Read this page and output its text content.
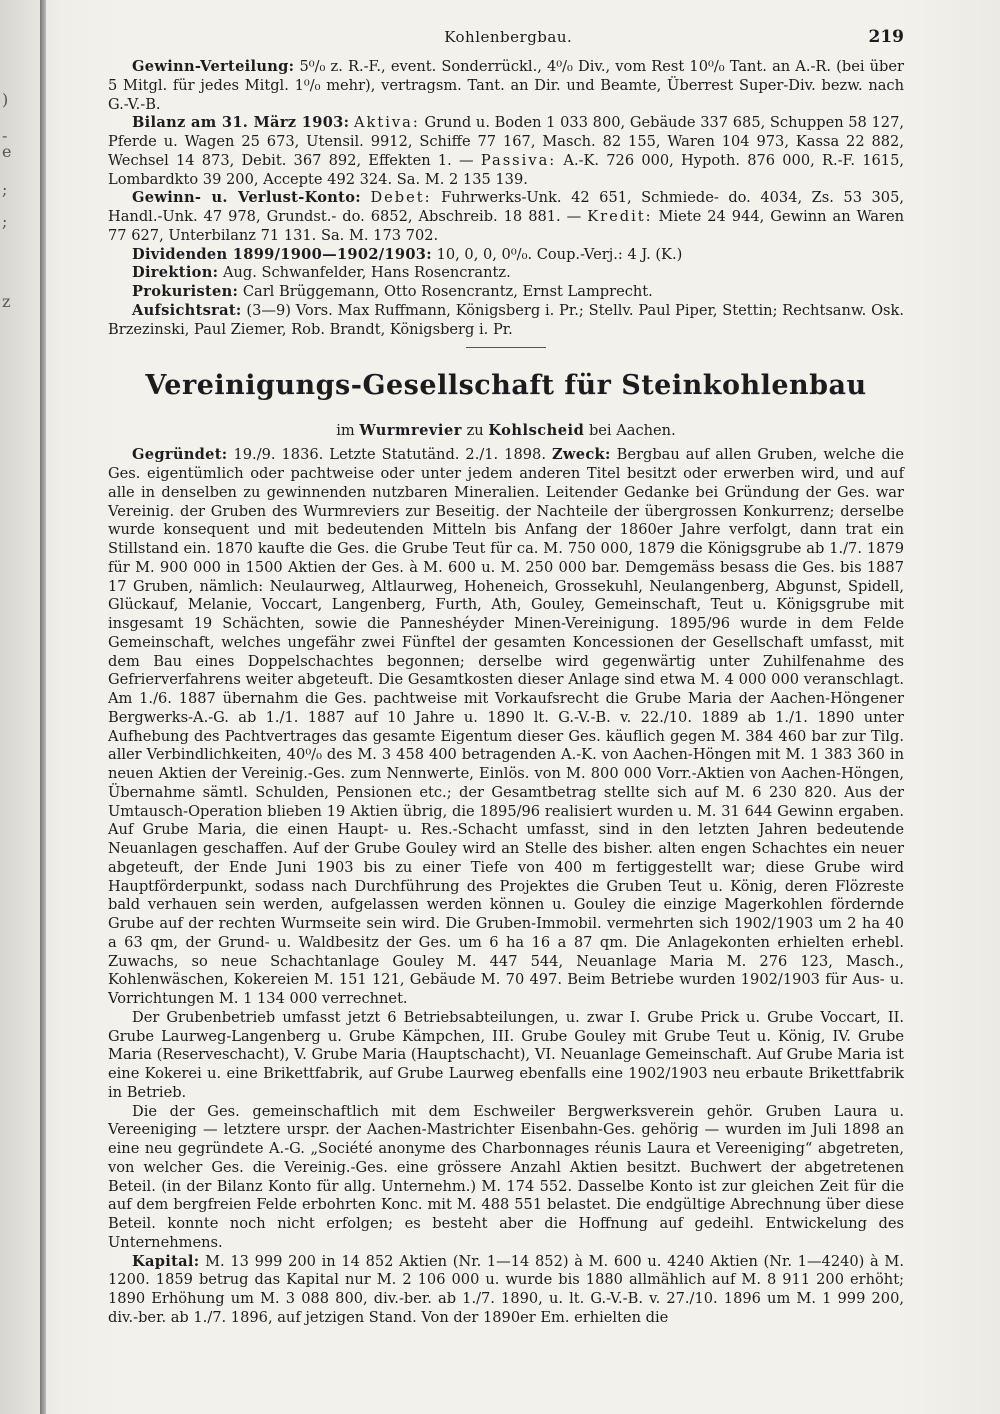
)
-
e
;
;
z
Kohlenbergbau.	219

Gewinn-Verteilung: 5⁰/₀ z. R.-F., event. Sonderrückl., 4⁰/₀ Div., vom Rest 10⁰/₀ Tant. an A.-R. (bei über 5 Mitgl. für jedes Mitgl. 1⁰/₀ mehr), vertragsm. Tant. an Dir. und Beamte, Überrest Super-Div. bezw. nach G.-V.-B.

Bilanz am 31. März 1903: Aktiva: Grund u. Boden 1 033 800, Gebäude 337 685, Schuppen 58 127, Pferde u. Wagen 25 673, Utensil. 9912, Schiffe 77 167, Masch. 82 155, Waren 104 973, Kassa 22 882, Wechsel 14 873, Debit. 367 892, Effekten 1. — Passiva: A.-K. 726 000, Hypoth. 876 000, R.-F. 1615, Lombardkto 39 200, Accepte 492 324. Sa. M. 2 135 139.

Gewinn- u. Verlust-Konto: Debet: Fuhrwerks-Unk. 42 651, Schmiede- do. 4034, Zs. 53 305, Handl.-Unk. 47 978, Grundst.- do. 6852, Abschreib. 18 881. — Kredit: Miete 24 944, Gewinn an Waren 77 627, Unterbilanz 71 131. Sa. M. 173 702.

Dividenden 1899/1900—1902/1903: 10, 0, 0, 0⁰/₀. Coup.-Verj.: 4 J. (K.)

Direktion: Aug. Schwanfelder, Hans Rosencrantz.

Prokuristen: Carl Brüggemann, Otto Rosencrantz, Ernst Lamprecht.

Aufsichtsrat: (3—9) Vors. Max Ruffmann, Königsberg i. Pr.; Stellv. Paul Piper, Stettin; Rechtsanw. Osk. Brzezinski, Paul Ziemer, Rob. Brandt, Königsberg i. Pr.

Vereinigungs-Gesellschaft für Steinkohlenbau
im Wurmrevier zu Kohlscheid bei Aachen.

Gegründet: 19./9. 1836. Letzte Statutänd. 2./1. 1898. Zweck: Bergbau auf allen Gruben, welche die Ges. eigentümlich oder pachtweise oder unter jedem anderen Titel besitzt oder erwerben wird, und auf alle in denselben zu gewinnenden nutzbaren Mineralien. Leitender Gedanke bei Gründung der Ges. war Vereinig. der Gruben des Wurmreviers zur Beseitig. der Nachteile der übergrossen Konkurrenz; derselbe wurde konsequent und mit bedeutenden Mitteln bis Anfang der 1860er Jahre verfolgt, dann trat ein Stillstand ein. 1870 kaufte die Ges. die Grube Teut für ca. M. 750 000, 1879 die Königsgrube ab 1./7. 1879 für M. 900 000 in 1500 Aktien der Ges. à M. 600 u. M. 250 000 bar. Demgemäss besass die Ges. bis 1887 17 Gruben, nämlich: Neulaurweg, Altlaurweg, Hoheneich, Grossekuhl, Neulangenberg, Abgunst, Spidell, Glückauf, Melanie, Voccart, Langenberg, Furth, Ath, Gouley, Gemeinschaft, Teut u. Königsgrube mit insgesamt 19 Schächten, sowie die Panneshéyder Minen-Vereinigung. 1895/96 wurde in dem Felde Gemeinschaft, welches ungefähr zwei Fünftel der gesamten Koncessionen der Gesellschaft umfasst, mit dem Bau eines Doppelschachtes begonnen; derselbe wird gegenwärtig unter Zuhilfenahme des Gefrierverfahrens weiter abgeteuft. Die Gesamtkosten dieser Anlage sind etwa M. 4 000 000 veranschlagt. Am 1./6. 1887 übernahm die Ges. pachtweise mit Vorkaufsrecht die Grube Maria der Aachen-Höngener Bergwerks-A.-G. ab 1./1. 1887 auf 10 Jahre u. 1890 lt. G.-V.-B. v. 22./10. 1889 ab 1./1. 1890 unter Aufhebung des Pachtvertrages das gesamte Eigentum dieser Ges. käuflich gegen M. 384 460 bar zur Tilg. aller Verbindlichkeiten, 40⁰/₀ des M. 3 458 400 betragenden A.-K. von Aachen-Höngen mit M. 1 383 360 in neuen Aktien der Vereinig.-Ges. zum Nennwerte, Einlös. von M. 800 000 Vorr.-Aktien von Aachen-Höngen, Übernahme sämtl. Schulden, Pensionen etc.; der Gesamtbetrag stellte sich auf M. 6 230 820. Aus der Umtausch-Operation blieben 19 Aktien übrig, die 1895/96 realisiert wurden u. M. 31 644 Gewinn ergaben. Auf Grube Maria, die einen Haupt- u. Res.-Schacht umfasst, sind in den letzten Jahren bedeutende Neuanlagen geschaffen. Auf der Grube Gouley wird an Stelle des bisher. alten engen Schachtes ein neuer abgeteuft, der Ende Juni 1903 bis zu einer Tiefe von 400 m fertiggestellt war; diese Grube wird Hauptförderpunkt, sodass nach Durchführung des Projektes die Gruben Teut u. König, deren Flözreste bald verhauen sein werden, aufgelassen werden können u. Gouley die einzige Magerkohlen fördernde Grube auf der rechten Wurmseite sein wird. Die Gruben-Immobil. vermehrten sich 1902/1903 um 2 ha 40 a 63 qm, der Grund- u. Waldbesitz der Ges. um 6 ha 16 a 87 qm. Die Anlagekonten erhielten erhebl. Zuwachs, so neue Schachtanlage Gouley M. 447 544, Neuanlage Maria M. 276 123, Masch., Kohlenwäschen, Kokereien M. 151 121, Gebäude M. 70 497. Beim Betriebe wurden 1902/1903 für Aus- u. Vorrichtungen M. 1 134 000 verrechnet.

Der Grubenbetrieb umfasst jetzt 6 Betriebsabteilungen, u. zwar I. Grube Prick u. Grube Voccart, II. Grube Laurweg-Langenberg u. Grube Kämpchen, III. Grube Gouley mit Grube Teut u. König, IV. Grube Maria (Reserveschacht), V. Grube Maria (Hauptschacht), VI. Neuanlage Gemeinschaft. Auf Grube Maria ist eine Kokerei u. eine Brikettfabrik, auf Grube Laurweg ebenfalls eine 1902/1903 neu erbaute Brikettfabrik in Betrieb.

Die der Ges. gemeinschaftlich mit dem Eschweiler Bergwerksverein gehör. Gruben Laura u. Vereeniging — letztere urspr. der Aachen-Mastrichter Eisenbahn-Ges. gehörig — wurden im Juli 1898 an eine neu gegründete A.-G. „Société anonyme des Charbonnages réunis Laura et Vereeniging“ abgetreten, von welcher Ges. die Vereinig.-Ges. eine grössere Anzahl Aktien besitzt. Buchwert der abgetretenen Beteil. (in der Bilanz Konto für allg. Unternehm.) M. 174 552. Dasselbe Konto ist zur gleichen Zeit für die auf dem bergfreien Felde erbohrten Konc. mit M. 488 551 belastet. Die endgültige Abrechnung über diese Beteil. konnte noch nicht erfolgen; es besteht aber die Hoffnung auf gedeihl. Entwickelung des Unternehmens.

Kapital: M. 13 999 200 in 14 852 Aktien (Nr. 1—14 852) à M. 600 u. 4240 Aktien (Nr. 1—4240) à M. 1200. 1859 betrug das Kapital nur M. 2 106 000 u. wurde bis 1880 allmählich auf M. 8 911 200 erhöht; 1890 Erhöhung um M. 3 088 800, div.-ber. ab 1./7. 1890, u. lt. G.-V.-B. v. 27./10. 1896 um M. 1 999 200, div.-ber. ab 1./7. 1896, auf jetzigen Stand. Von der 1890er Em. erhielten die
